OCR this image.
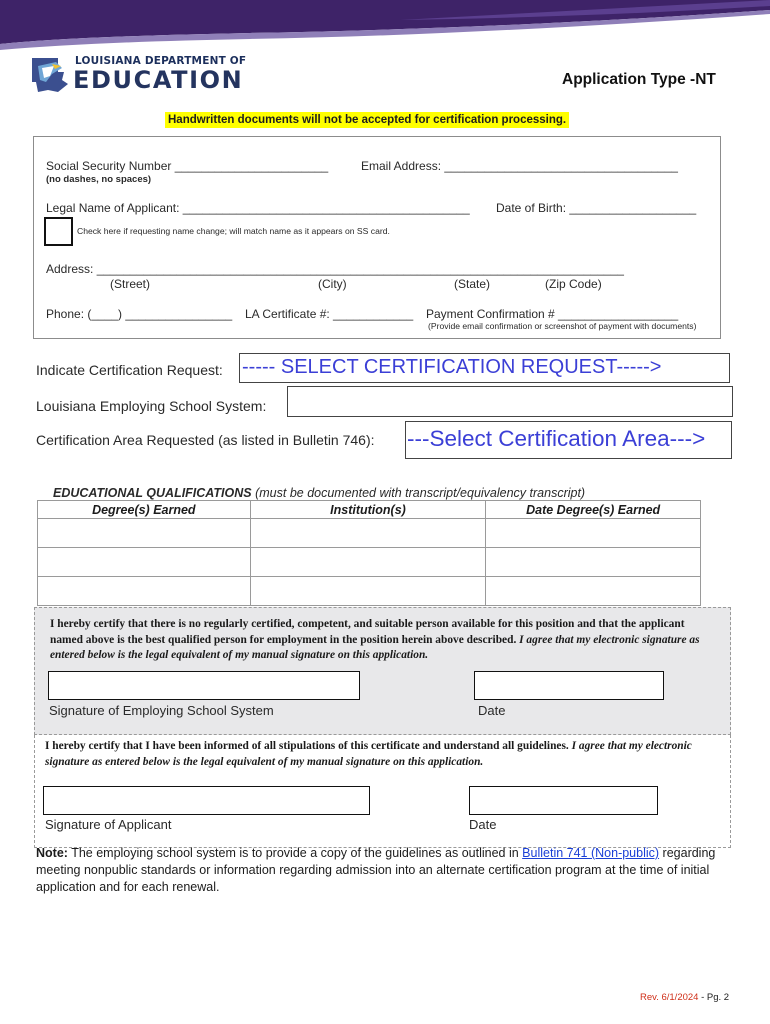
LOUISIANA DEPARTMENT OF
EDUCATION	Application Type -NT
Handwritten documents will not be accepted for certification processing.
Social Security Number _______________________
(no dashes, no spaces)
Email Address: ___________________________________
Legal Name of Applicant: ___________________________________________ Date of Birth: ___________________
Check here if requesting name change; will match name as it appears on SS card.
Address: _______________________________________________________________________________
(Street)	(City)	(State)	(Zip Code)
Phone: (____) ________________ LA Certificate #: ____________ Payment Confirmation # __________________
(Provide email confirmation or screenshot of payment with documents)
Indicate Certification Request: ----- SELECT CERTIFICATION REQUEST----->
Louisiana Employing School System:
Certification Area Requested (as listed in Bulletin 746): ---Select Certification Area--->
EDUCATIONAL QUALIFICATIONS (must be documented with transcript/equivalency transcript)
Degree(s) Earned	Institution(s)	Date Degree(s) Earned

I hereby certify that there is no regularly certified, competent, and suitable person available for this position and that the applicant named above is the best qualified person for employment in the position herein above described. I agree that my electronic signature as entered below is the legal equivalent of my manual signature on this application.
Signature of Employing School System	Date
I hereby certify that I have been informed of all stipulations of this certificate and understand all guidelines. I agree that my electronic signature as entered below is the legal equivalent of my manual signature on this application.
Signature of Applicant	Date
Note: The employing school system is to provide a copy of the guidelines as outlined in Bulletin 741 (Non-public) regarding meeting nonpublic standards or information regarding admission into an alternate certification program at the time of initial application and for each renewal.
Rev. 6/1/2024 - Pg. 2
